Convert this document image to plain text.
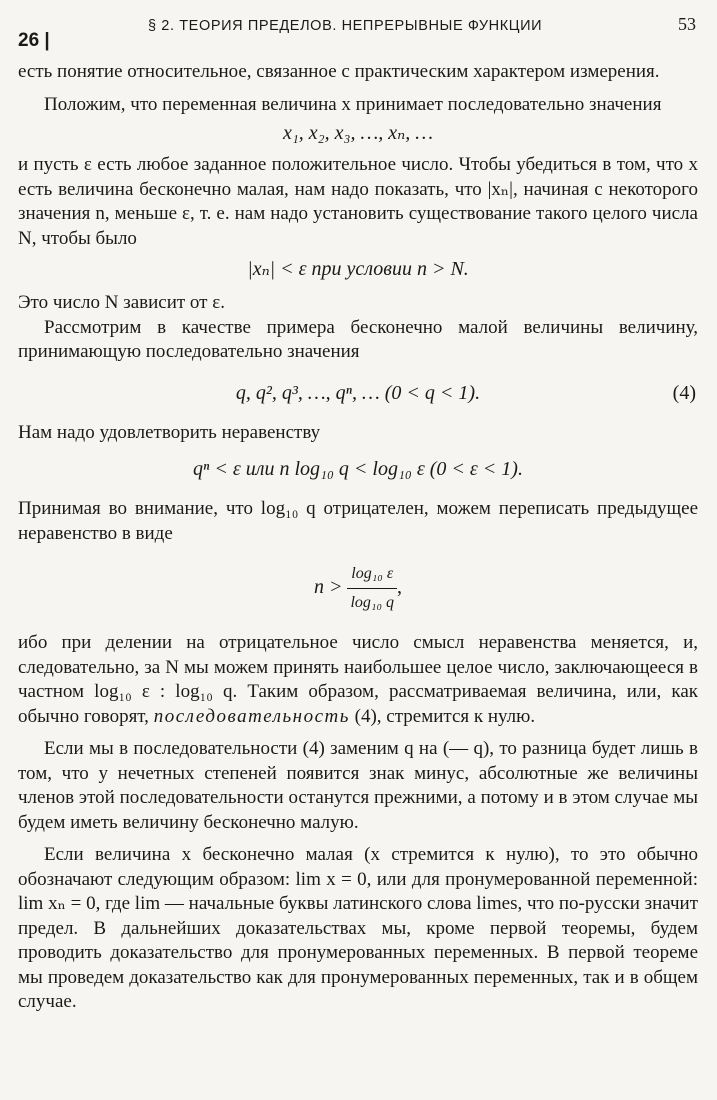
26 |
§ 2. ТЕОРИЯ ПРЕДЕЛОВ. НЕПРЕРЫВНЫЕ ФУНКЦИИ	53

есть понятие относительное, связанное с практическим характером измерения.

Положим, что переменная величина x принимает последовательно значения

x₁, x₂, x₃, …, xₙ, …

и пусть ε есть любое заданное положительное число. Чтобы убедиться в том, что x есть величина бесконечно малая, нам надо показать, что |xₙ|, начиная с некоторого значения n, меньше ε, т. е. нам надо установить существование такого целого числа N, чтобы было

|xₙ| < ε при условии n > N.

Это число N зависит от ε.

Рассмотрим в качестве примера бесконечно малой величины величину, принимающую последовательно значения

q, q², q³, …, qⁿ, … (0 < q < 1).	(4)

Нам надо удовлетворить неравенству

qⁿ < ε или n log₁₀ q < log₁₀ ε (0 < ε < 1).

Принимая во внимание, что log₁₀ q отрицателен, можем переписать предыдущее неравенство в виде

$n > \frac{\text{log₁₀ ε}}{\text{log₁₀ q}}$ ,

ибо при делении на отрицательное число смысл неравенства меняется, и, следовательно, за N мы можем принять наибольшее целое число, заключающееся в частном log₁₀ ε : log₁₀ q. Таким образом, рассматриваемая величина, или, как обычно говорят, последовательность (4), стремится к нулю.

Если мы в последовательности (4) заменим q на (— q), то разница будет лишь в том, что у нечетных степеней появится знак минус, абсолютные же величины членов этой последовательности останутся прежними, а потому и в этом случае мы будем иметь величину бесконечно малую.

Если величина x бесконечно малая (x стремится к нулю), то это обычно обозначают следующим образом: lim x = 0, или для пронумерованной переменной: lim xₙ = 0, где lim — начальные буквы латинского слова limes, что по-русски значит предел. В дальнейших доказательствах мы, кроме первой теоремы, будем проводить доказательство для пронумерованных переменных. В первой теореме мы проведем доказательство как для пронумерованных переменных, так и в общем случае.
